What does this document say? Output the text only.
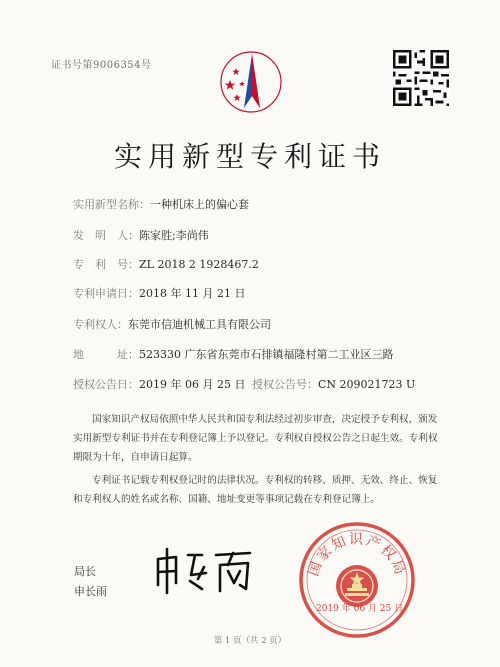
证书号第9006354号
实用新型专利证书
实用新型名称：一种机床上的偏心套
发　明　人：陈家胜;李尚伟
专　利　号：ZL 2018 2 1928467.2
专利申请日：2018 年 11 月 21 日
专利权人：东莞市信迪机械工具有限公司
地　　　址：523330 广东省东莞市石排镇福隆村第二工业区三路
授权公告日：2019 年 06 月 25 日 授权公告号：CN 209021723 U

国家知识产权局依照中华人民共和国专利法经过初步审查，决定授予专利权，颁发实用新型专利证书并在专利登记簿上予以登记。专利权自授权公告之日起生效。专利权期限为十年，自申请日起算。

专利证书记载专利权登记时的法律状况。专利权的转移、质押、无效、终止、恢复和专利权人的姓名或名称、国籍、地址变更等事项记载在专利登记簿上。

局长
申长雨
国家知识产权局
2019 年 06 月 25 日
第 1 页（共 2 页）
